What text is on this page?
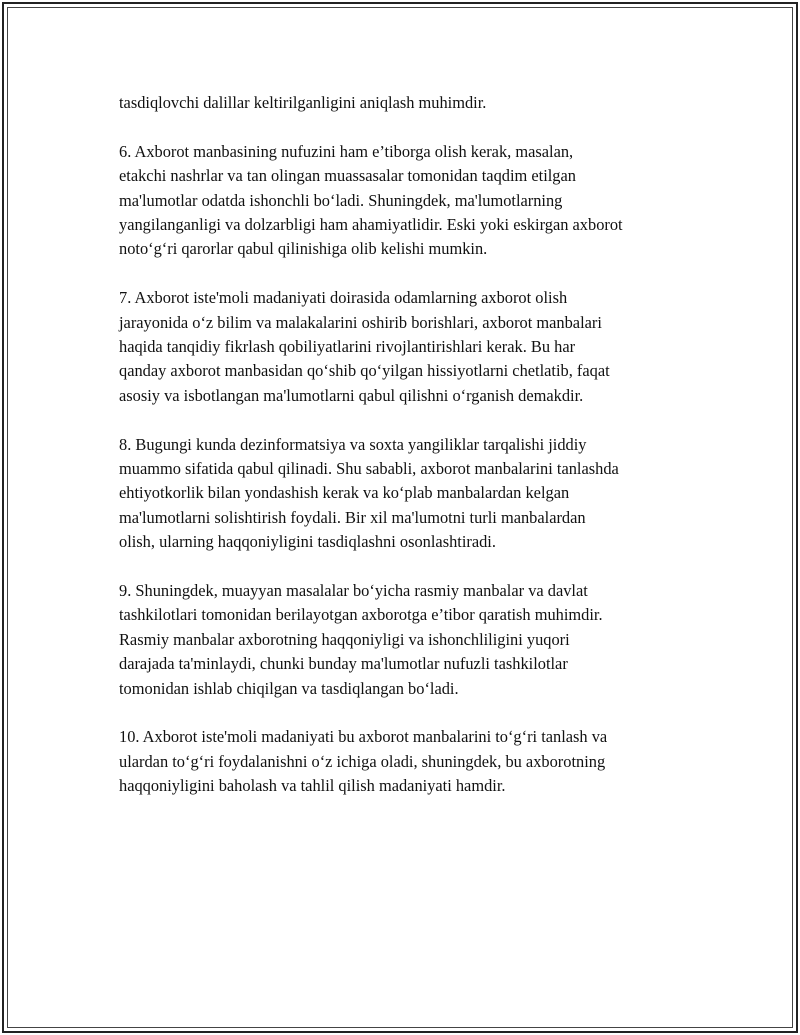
tasdiqlovchi dalillar keltirilganligini aniqlash muhimdir.

6. Axborot manbasining nufuzini ham e’tiborga olish kerak, masalan,
etakchi nashrlar va tan olingan muassasalar tomonidan taqdim etilgan
ma'lumotlar odatda ishonchli bo‘ladi. Shuningdek, ma'lumotlarning
yangilanganligi va dolzarbligi ham ahamiyatlidir. Eski yoki eskirgan axborot
noto‘g‘ri qarorlar qabul qilinishiga olib kelishi mumkin.

7. Axborot iste'moli madaniyati doirasida odamlarning axborot olish
jarayonida o‘z bilim va malakalarini oshirib borishlari, axborot manbalari
haqida tanqidiy fikrlash qobiliyatlarini rivojlantirishlari kerak. Bu har
qanday axborot manbasidan qo‘shib qo‘yilgan hissiyotlarni chetlatib, faqat
asosiy va isbotlangan ma'lumotlarni qabul qilishni o‘rganish demakdir.

8. Bugungi kunda dezinformatsiya va soxta yangiliklar tarqalishi jiddiy
muammo sifatida qabul qilinadi. Shu sababli, axborot manbalarini tanlashda
ehtiyotkorlik bilan yondashish kerak va ko‘plab manbalardan kelgan
ma'lumotlarni solishtirish foydali. Bir xil ma'lumotni turli manbalardan
olish, ularning haqqoniyligini tasdiqlashni osonlashtiradi.

9. Shuningdek, muayyan masalalar bo‘yicha rasmiy manbalar va davlat
tashkilotlari tomonidan berilayotgan axborotga e’tibor qaratish muhimdir.
Rasmiy manbalar axborotning haqqoniyligi va ishonchliligini yuqori
darajada ta'minlaydi, chunki bunday ma'lumotlar nufuzli tashkilotlar
tomonidan ishlab chiqilgan va tasdiqlangan bo‘ladi.

10. Axborot iste'moli madaniyati bu axborot manbalarini to‘g‘ri tanlash va
ulardan to‘g‘ri foydalanishni o‘z ichiga oladi, shuningdek, bu axborotning
haqqoniyligini baholash va tahlil qilish madaniyati hamdir.
